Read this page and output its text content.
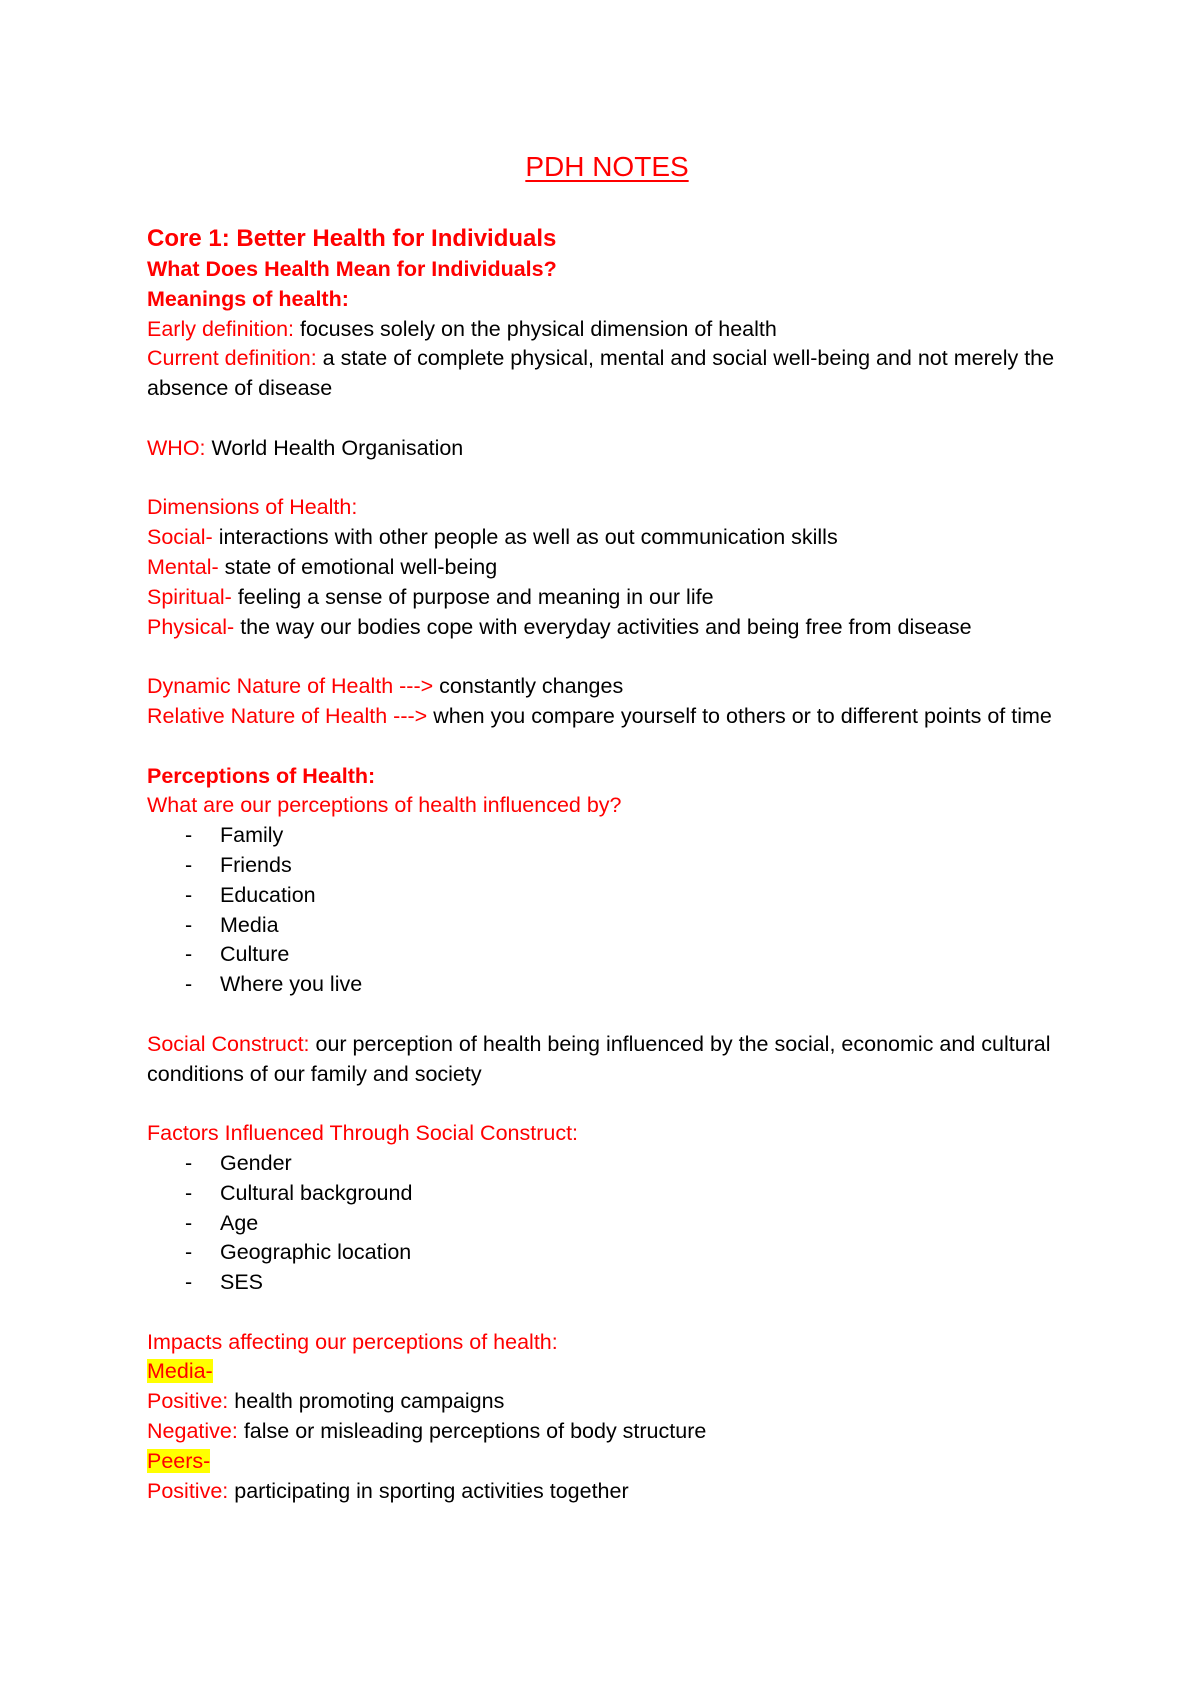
PDH NOTES
Core 1: Better Health for Individuals
What Does Health Mean for Individuals?
Meanings of health:
Early definition: focuses solely on the physical dimension of health
Current definition: a state of complete physical, mental and social well-being and not merely the absence of disease
WHO: World Health Organisation
Dimensions of Health:
Social- interactions with other people as well as out communication skills
Mental- state of emotional well-being
Spiritual- feeling a sense of purpose and meaning in our life
Physical- the way our bodies cope with everyday activities and being free from disease
Dynamic Nature of Health ---> constantly changes
Relative Nature of Health ---> when you compare yourself to others or to different points of time
Perceptions of Health:
What are our perceptions of health influenced by?
- Family
- Friends
- Education
- Media
- Culture
- Where you live
Social Construct: our perception of health being influenced by the social, economic and cultural conditions of our family and society
Factors Influenced Through Social Construct:
- Gender
- Cultural background
- Age
- Geographic location
- SES
Impacts affecting our perceptions of health:
Media-
Positive: health promoting campaigns
Negative: false or misleading perceptions of body structure
Peers-
Positive: participating in sporting activities together
